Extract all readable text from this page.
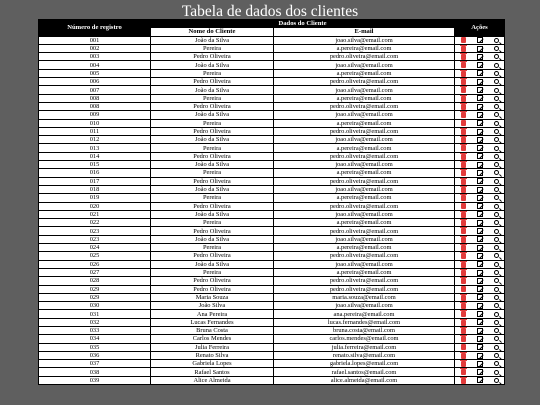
Tabela de dados dos clientes
Número de registro	Dados do Cliente		Ações
	Nome do Cliente	E-mail	
001	João da Silva	joao.silva@email.com	

002	Pereira	a.pereira@email.com	

003	Pedro Oliveira	pedro.oliveira@email.com	

004	João da Silva	joao.silva@email.com	

005	Pereira	a.pereira@email.com	

006	Pedro Oliveira	pedro.oliveira@email.com	

007	João da Silva	joao.silva@email.com	

008	Pereira	a.pereira@email.com	

008	Pedro Oliveira	pedro.oliveira@email.com	

009	João da Silva	joao.silva@email.com	

010	Pereira	a.pereira@email.com	

011	Pedro Oliveira	pedro.oliveira@email.com	

012	João da Silva	joao.silva@email.com	

013	Pereira	a.pereira@email.com	

014	Pedro Oliveira	pedro.oliveira@email.com	

015	João da Silva	joao.silva@email.com	

016	Pereira	a.pereira@email.com	

017	Pedro Oliveira	pedro.oliveira@email.com	

018	João da Silva	joao.silva@email.com	

019	Pereira	a.pereira@email.com	

020	Pedro Oliveira	pedro.oliveira@email.com	

021	João da Silva	joao.silva@email.com	

022	Pereira	a.pereira@email.com	

023	Pedro Oliveira	pedro.oliveira@email.com	

023	João da Silva	joao.silva@email.com	

024	Pereira	a.pereira@email.com	

025	Pedro Oliveira	pedro.oliveira@email.com	

026	João da Silva	joao.silva@email.com	

027	Pereira	a.pereira@email.com	

028	Pedro Oliveira	pedro.oliveira@email.com	

029	Pedro Oliveira	pedro.oliveira@email.com	

029	Maria Souza	maria.souza@email.com	

030	João Silva	joao.silva@email.com	

031	Ana Pereira	ana.pereira@email.com	

032	Lucas Fernandes	lucas.fernandes@email.com	

033	Bruna Costa	bruna.costa@email.com	

034	Carlos Mendes	carlos.mendes@email.com	

035	Julia Ferreira	julia.ferreira@email.com	

036	Renato Silva	renato.silva@email.com	

037	Gabriela Lopes	gabriela.lopes@email.com	

038	Rafael Santos	rafael.santos@email.com	

039	Alice Almeida	alice.almeida@email.com	
